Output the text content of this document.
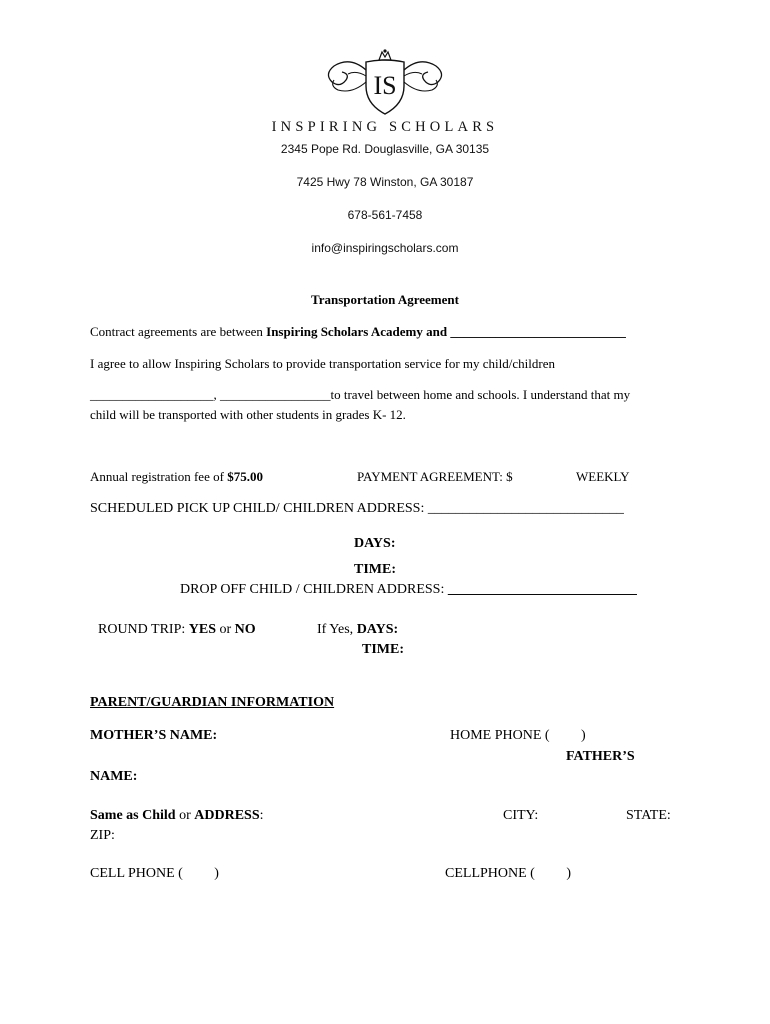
IS
INSPIRING SCHOLARS
2345 Pope Rd. Douglasville, GA 30135
7425 Hwy 78 Winston, GA 30187
678-561-7458
info@inspiringscholars.com
Transportation Agreement
Contract agreements are between Inspiring Scholars Academy and ___________________________
I agree to allow Inspiring Scholars to provide transportation service for my child/children
___________________, _________________to travel between home and schools. I understand that my
child will be transported with other students in grades K- 12.
Annual registration fee of $75.00	PAYMENT AGREEMENT: $	WEEKLY
SCHEDULED PICK UP CHILD/ CHILDREN ADDRESS: ____________________________
DAYS:
TIME:
DROP OFF CHILD / CHILDREN ADDRESS: ___________________________
ROUND TRIP: YES or NO	If Yes, DAYS:
TIME:
PARENT/GUARDIAN INFORMATION
MOTHER’S NAME:	HOME PHONE (         )
FATHER’S
NAME:
Same as Child or ADDRESS:	CITY:	STATE:
ZIP:
CELL PHONE (         )	CELLPHONE (         )
